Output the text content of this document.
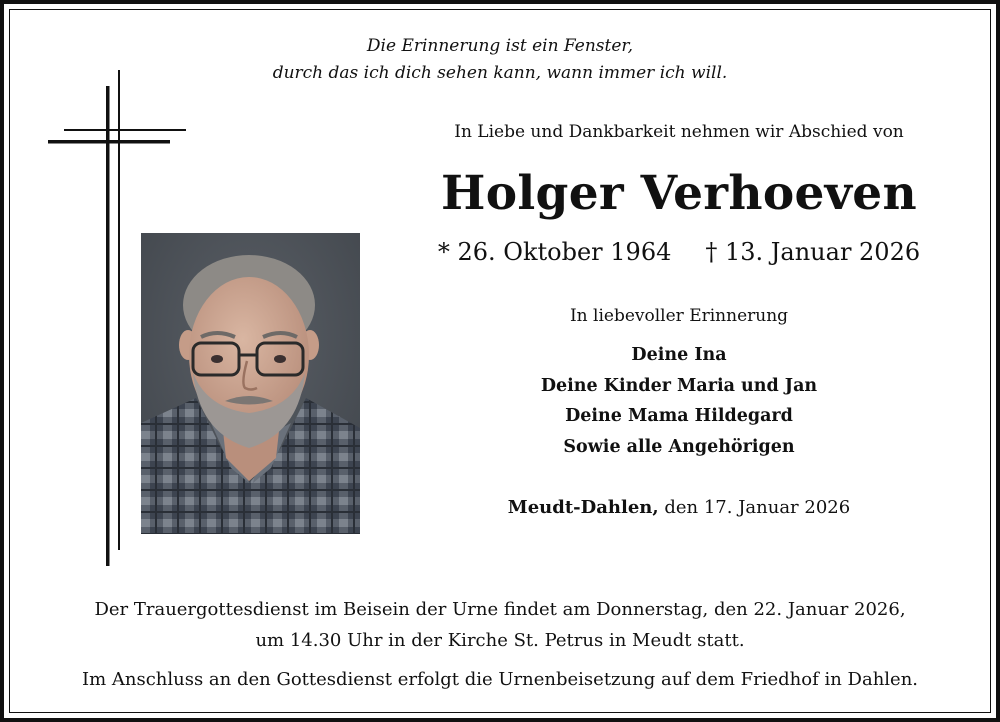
Die Erinnerung ist ein Fenster,
durch das ich dich sehen kann, wann immer ich will.
In Liebe und Dankbarkeit nehmen wir Abschied von
Holger Verhoeven
* 26. Oktober 1964 † 13. Januar 2026
In liebevoller Erinnerung
Deine Ina
Deine Kinder Maria und Jan
Deine Mama Hildegard
Sowie alle Angehörigen
Meudt-Dahlen, den 17. Januar 2026
Der Trauergottesdienst im Beisein der Urne findet am Donnerstag, den 22. Januar 2026,
um 14.30 Uhr in der Kirche St. Petrus in Meudt statt.
Im Anschluss an den Gottesdienst erfolgt die Urnenbeisetzung auf dem Friedhof in Dahlen.
